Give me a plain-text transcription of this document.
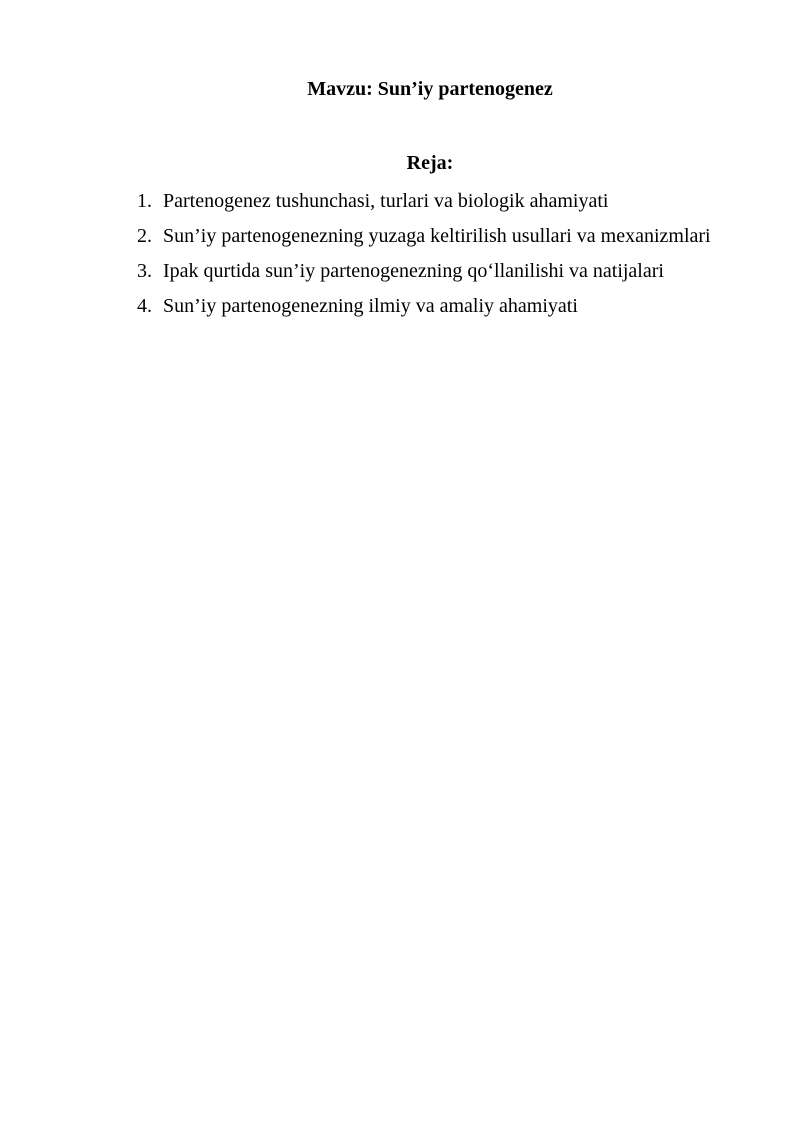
Mavzu: Sun’iy partenogenez
Reja:
1. Partenogenez tushunchasi, turlari va biologik ahamiyati
2. Sun’iy partenogenezning yuzaga keltirilish usullari va mexanizmlari
3. Ipak qurtida sun’iy partenogenezning qo‘llanilishi va natijalari
4. Sun’iy partenogenezning ilmiy va amaliy ahamiyati
